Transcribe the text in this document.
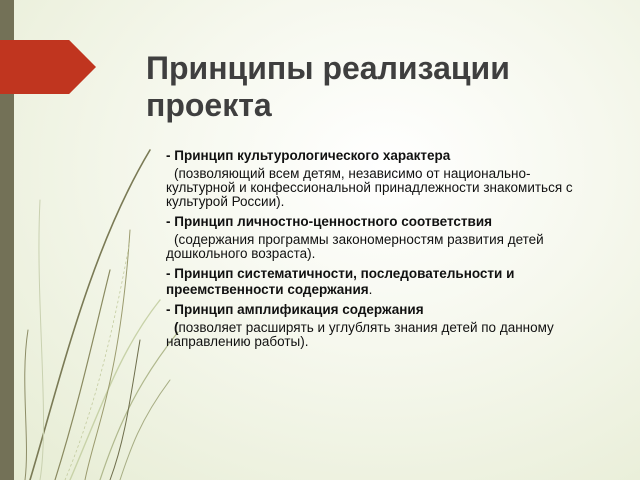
Принципы реализации проекта

- Принцип культурологического характера

(позволяющий всем детям, независимо от национально-культурной и конфессиональной принадлежности знакомиться с культурой России).

- Принцип личностно-ценностного соответствия

(содержания программы закономерностям развития детей дошкольного возраста).

- Принцип систематичности, последовательности и преемственности содержания.

- Принцип амплификация содержания

(позволяет расширять и углублять знания детей по данному направлению работы).
